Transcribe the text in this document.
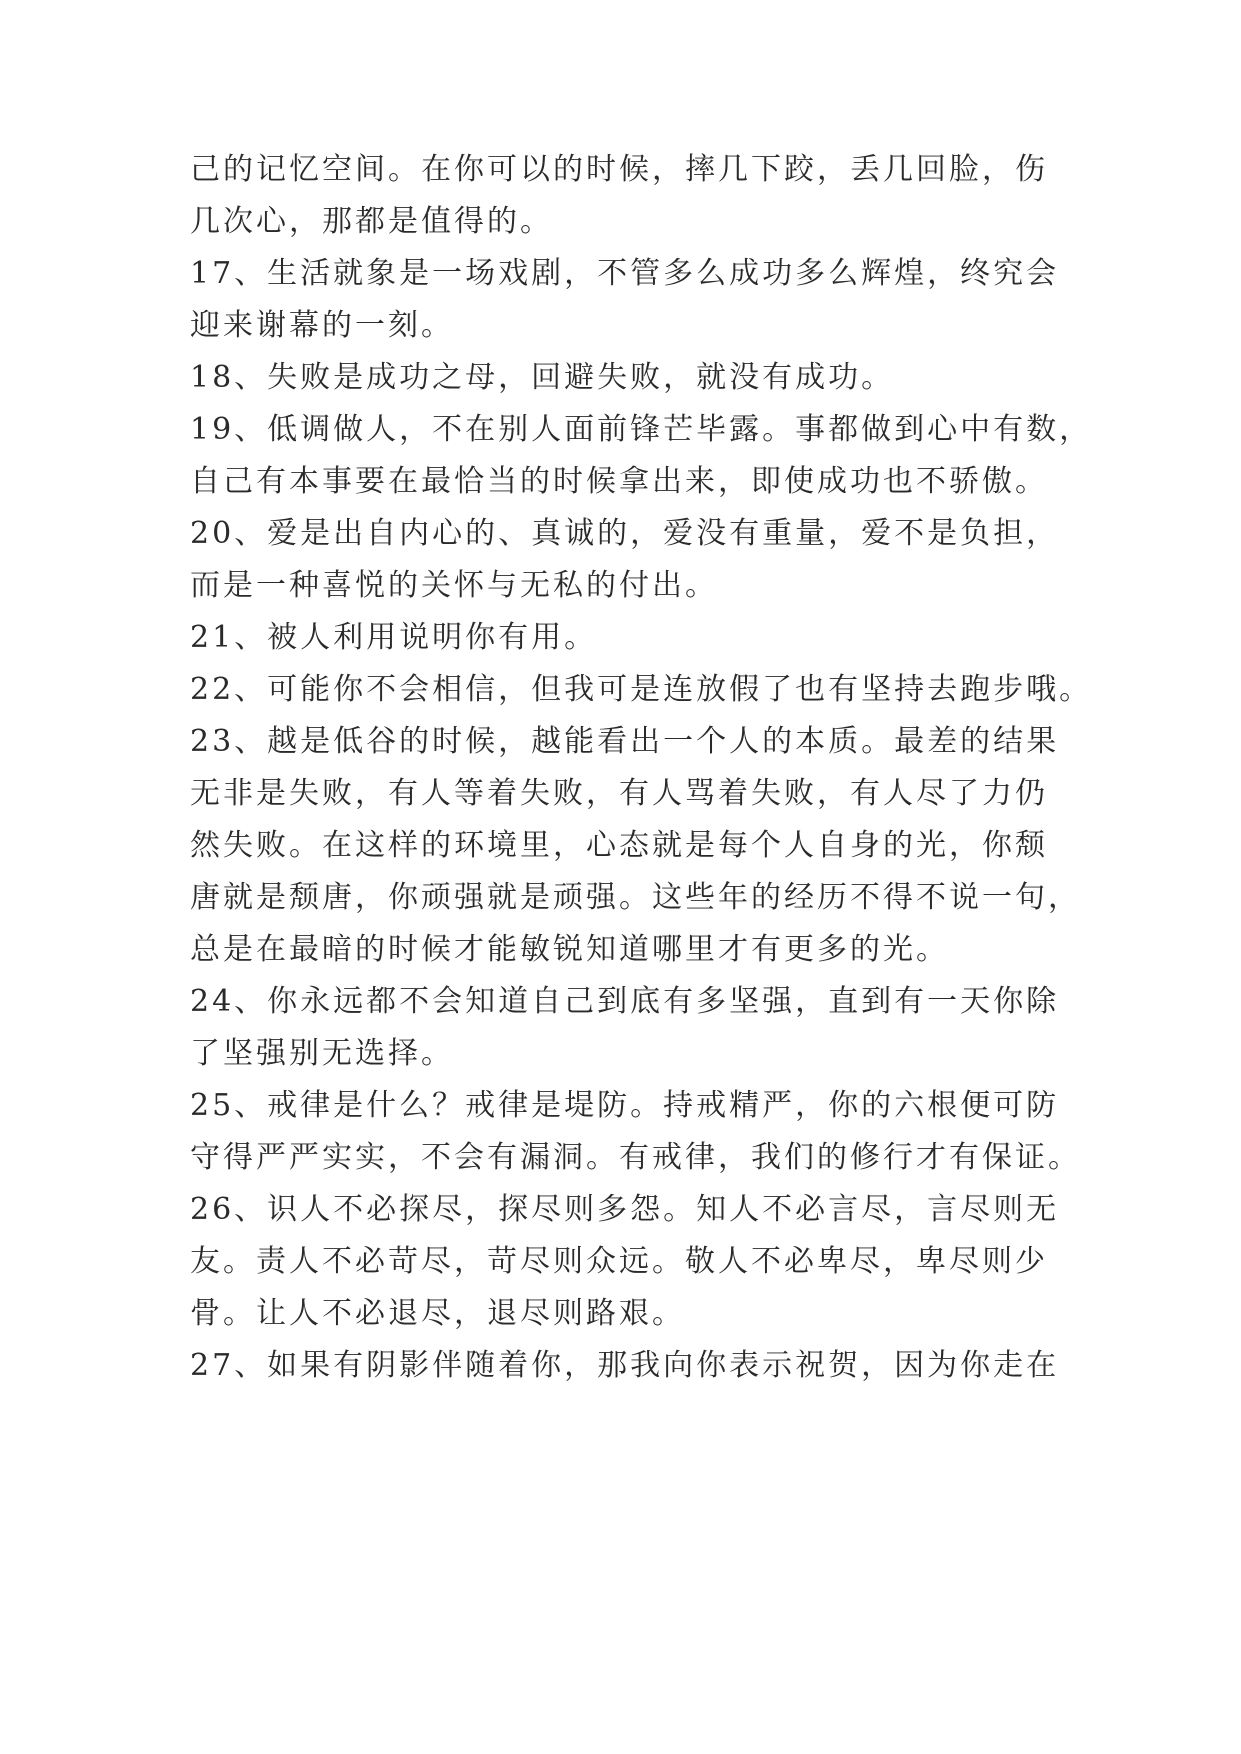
己的记忆空间。在你可以的时候，摔几下跤，丢几回脸，伤

几次心，那都是值得的。

17、生活就象是一场戏剧，不管多么成功多么辉煌，终究会

迎来谢幕的一刻。

18、失败是成功之母，回避失败，就没有成功。

19、低调做人，不在别人面前锋芒毕露。事都做到心中有数，

自己有本事要在最恰当的时候拿出来，即使成功也不骄傲。

20、爱是出自内心的、真诚的，爱没有重量，爱不是负担，

而是一种喜悦的关怀与无私的付出。

21、被人利用说明你有用。

22、可能你不会相信，但我可是连放假了也有坚持去跑步哦。

23、越是低谷的时候，越能看出一个人的本质。最差的结果

无非是失败，有人等着失败，有人骂着失败，有人尽了力仍

然失败。在这样的环境里，心态就是每个人自身的光，你颓

唐就是颓唐，你顽强就是顽强。这些年的经历不得不说一句，

总是在最暗的时候才能敏锐知道哪里才有更多的光。

24、你永远都不会知道自己到底有多坚强，直到有一天你除

了坚强别无选择。

25、戒律是什么？戒律是堤防。持戒精严，你的六根便可防

守得严严实实，不会有漏洞。有戒律，我们的修行才有保证。

26、识人不必探尽，探尽则多怨。知人不必言尽，言尽则无

友。责人不必苛尽，苛尽则众远。敬人不必卑尽，卑尽则少

骨。让人不必退尽，退尽则路艰。

27、如果有阴影伴随着你，那我向你表示祝贺，因为你走在
